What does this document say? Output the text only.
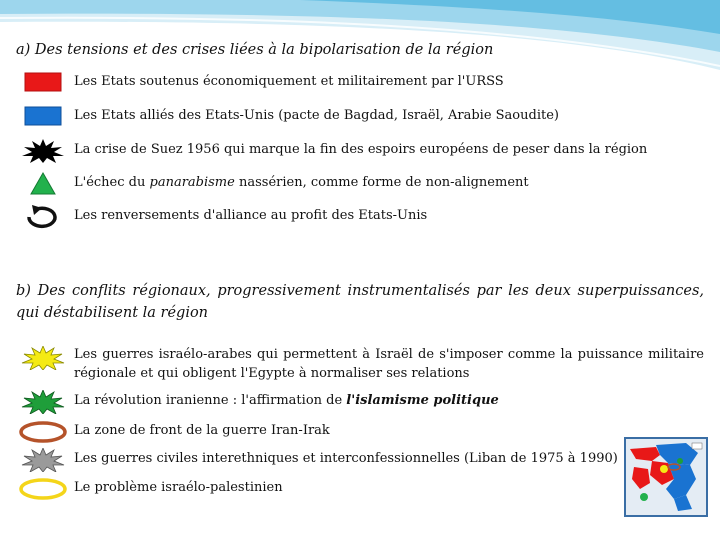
a) Des tensions et des crises liées à la bipolarisation de la région
Les Etats soutenus économiquement et militairement par l'URSS
Les Etats alliés des Etats-Unis (pacte de Bagdad, Israël, Arabie Saoudite)
La crise de Suez 1956 qui marque la fin des espoirs européens de peser dans la région
L'échec du panarabisme nassérien, comme forme de non-alignement
Les renversements d'alliance au profit des Etats-Unis
b) Des conflits régionaux, progressivement instrumentalisés par les deux superpuissances, qui déstabilisent la région
Les guerres israélo-arabes qui permettent à Israël de s'imposer comme la puissance militaire régionale et qui obligent l'Egypte à normaliser ses relations
La révolution iranienne : l'affirmation de l'islamisme politique
La zone de front de la guerre Iran-Irak
Les guerres civiles interethniques et interconfessionnelles (Liban de 1975 à 1990)
Le problème israélo-palestinien
